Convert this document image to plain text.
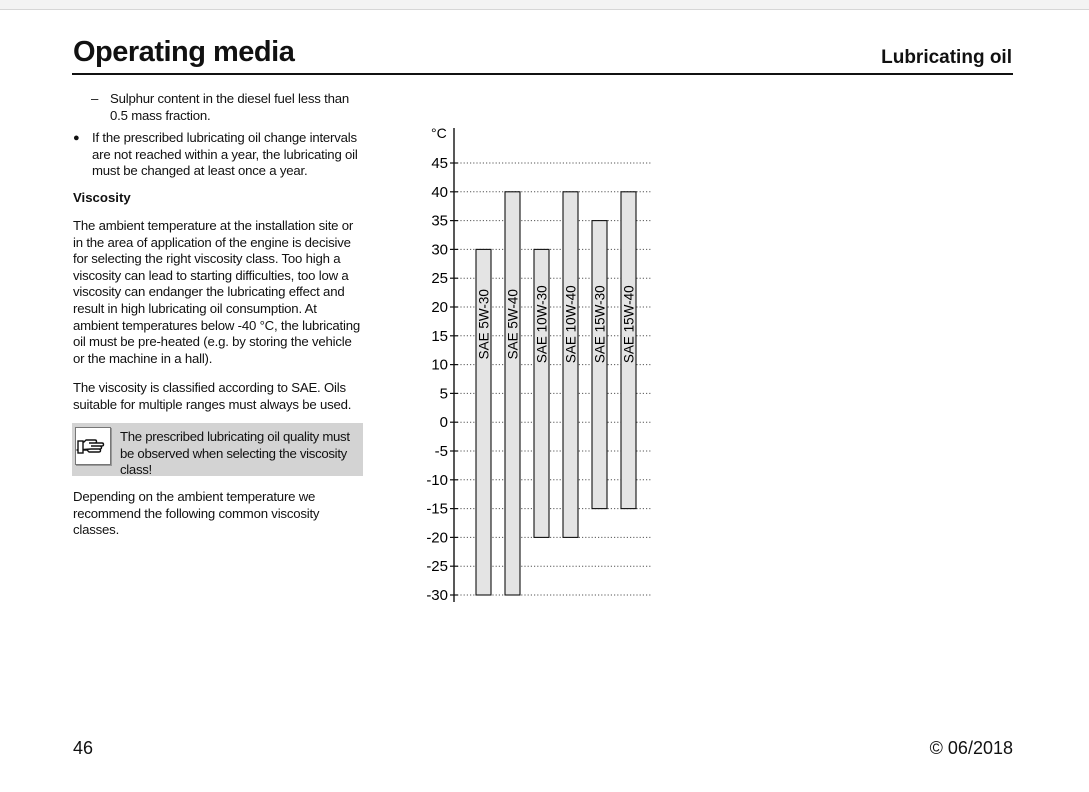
Operating media	Lubricating oil
– Sulphur content in the diesel fuel less than 0.5 mass fraction.
● If the prescribed lubricating oil change intervals are not reached within a year, the lubricating oil must be changed at least once a year.
Viscosity
The ambient temperature at the installation site or in the area of application of the engine is decisive for selecting the right viscosity class. Too high a viscosity can lead to starting difficulties, too low a viscosity can endanger the lubricating effect and result in high lubricating oil consumption. At ambient temperatures below -40 °C, the lubricating oil must be pre-heated (e.g. by storing the vehicle or the machine in a hall).
The viscosity is classified according to SAE. Oils suitable for multiple ranges must always be used.
The prescribed lubricating oil quality must be observed when selecting the viscosity class!
Depending on the ambient temperature we recommend the following common viscosity classes.
°C
45
40
35
30
25
20
15
10
5
0
-5
-10
-15
-20
-25
-30
SAE 5W-30 SAE 5W-40 SAE 10W-30 SAE 10W-40 SAE 15W-30 SAE 15W-40
46	© 06/2018
